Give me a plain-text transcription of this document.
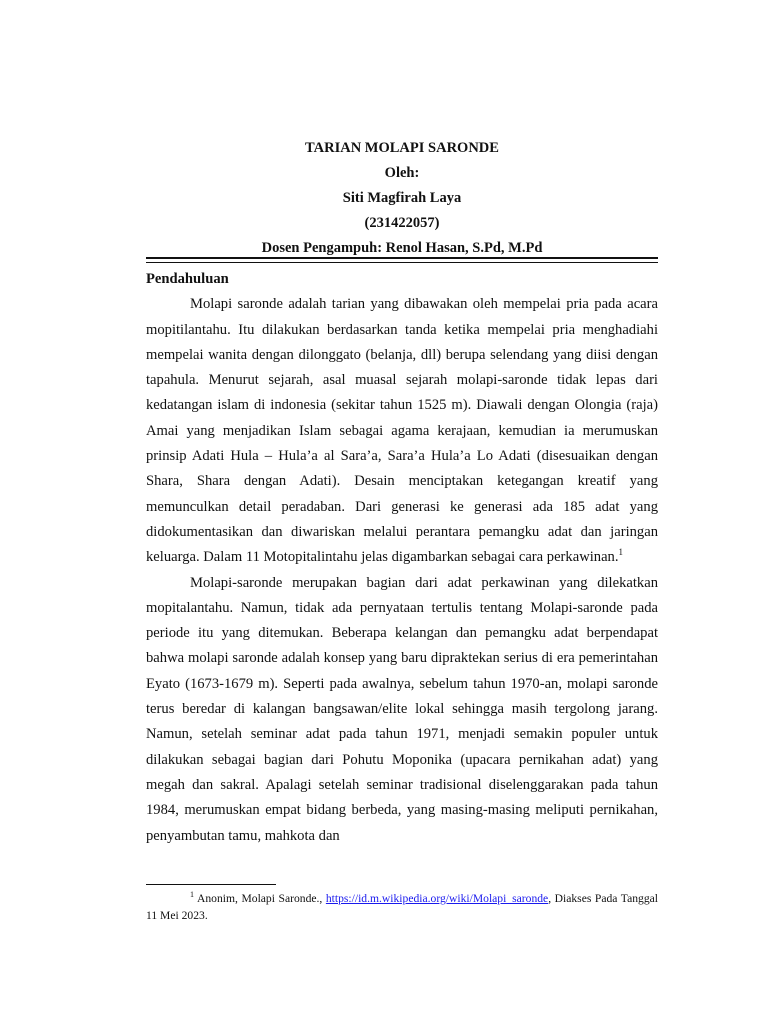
TARIAN MOLAPI SARONDE
Oleh:
Siti Magfirah Laya
(231422057)
Dosen Pengampuh: Renol Hasan, S.Pd, M.Pd

Pendahuluan

Molapi saronde adalah tarian yang dibawakan oleh mempelai pria pada acara mopitilantahu. Itu dilakukan berdasarkan tanda ketika mempelai pria menghadiahi mempelai wanita dengan dilonggato (belanja, dll) berupa selendang yang diisi dengan tapahula. Menurut sejarah, asal muasal sejarah molapi-saronde tidak lepas dari kedatangan islam di indonesia (sekitar tahun 1525 m). Diawali dengan Olongia (raja) Amai yang menjadikan Islam sebagai agama kerajaan, kemudian ia merumuskan prinsip Adati Hula – Hula’a al Sara’a, Sara’a Hula’a Lo Adati (disesuaikan dengan Shara, Shara dengan Adati). Desain menciptakan ketegangan kreatif yang memunculkan detail peradaban. Dari generasi ke generasi ada 185 adat yang didokumentasikan dan diwariskan melalui perantara pemangku adat dan jaringan keluarga. Dalam 11 Motopitalintahu jelas digambarkan sebagai cara perkawinan.$^1$

Molapi-saronde merupakan bagian dari adat perkawinan yang dilekatkan mopitalantahu. Namun, tidak ada pernyataan tertulis tentang Molapi-saronde pada periode itu yang ditemukan. Beberapa kelangan dan pemangku adat berpendapat bahwa molapi saronde adalah konsep yang baru dipraktekan serius di era pemerintahan Eyato (1673-1679 m). Seperti pada awalnya, sebelum tahun 1970-an, molapi saronde terus beredar di kalangan bangsawan/elite lokal sehingga masih tergolong jarang. Namun, setelah seminar adat pada tahun 1971, menjadi semakin populer untuk dilakukan sebagai bagian dari Pohutu Moponika (upacara pernikahan adat) yang megah dan sakral. Apalagi setelah seminar tradisional diselenggarakan pada tahun 1984, merumuskan empat bidang berbeda, yang masing-masing meliputi pernikahan, penyambutan tamu, mahkota dan

1 Anonim, Molapi Saronde., https://id.m.wikipedia.org/wiki/Molapi_saronde, Diakses Pada Tanggal 11 Mei 2023.
